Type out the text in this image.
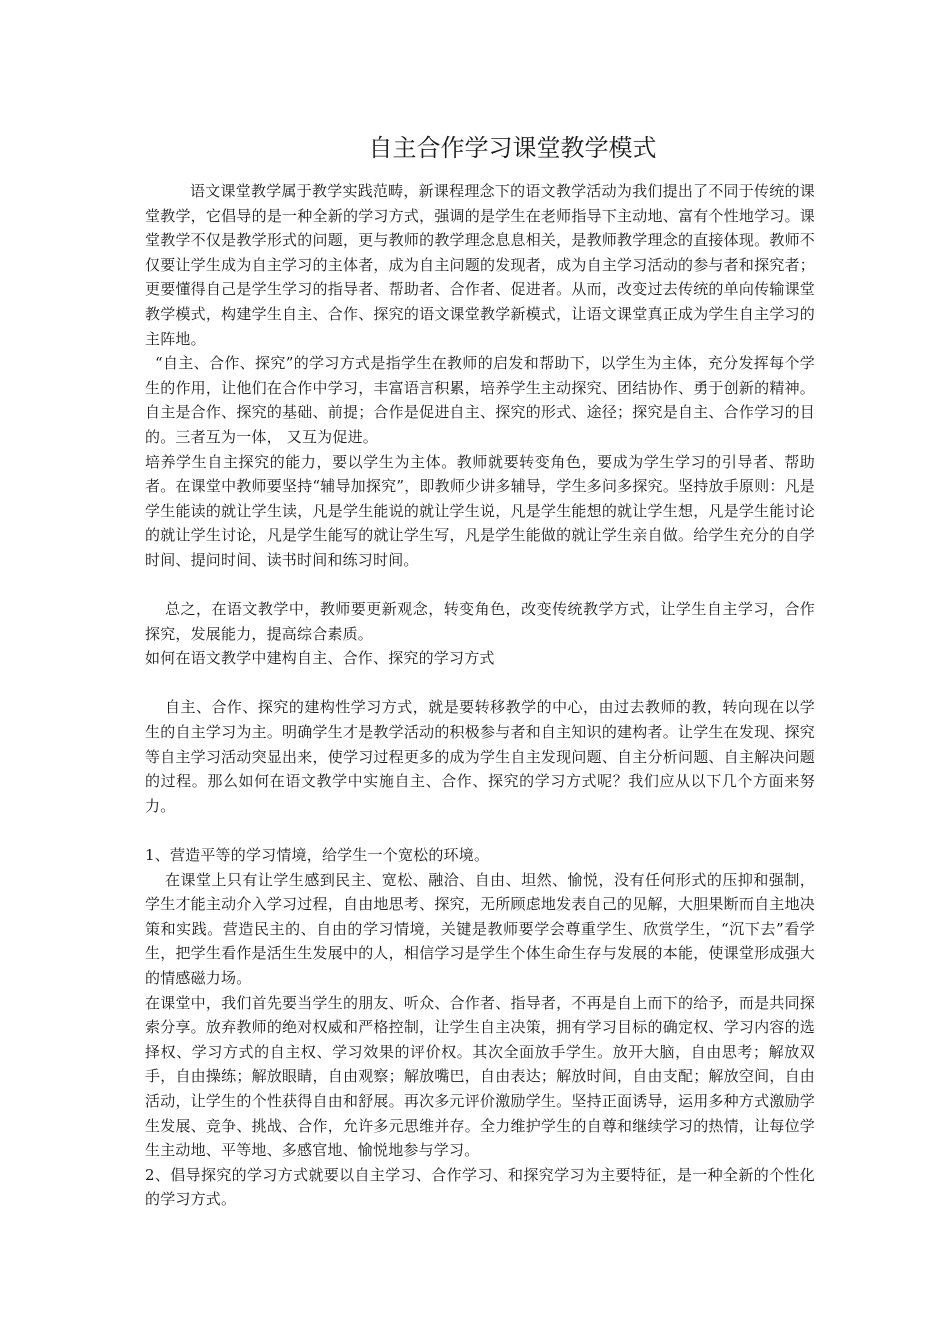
自主合作学习课堂教学模式

语文课堂教学属于教学实践范畴，新课程理念下的语文教学活动为我们提出了不同于传统的课堂教学，它倡导的是一种全新的学习方式，强调的是学生在老师指导下主动地、富有个性地学习。课堂教学不仅是教学形式的问题，更与教师的教学理念息息相关，是教师教学理念的直接体现。教师不仅要让学生成为自主学习的主体者，成为自主问题的发现者，成为自主学习活动的参与者和探究者；更要懂得自己是学生学习的指导者、帮助者、合作者、促进者。从而，改变过去传统的单向传输课堂教学模式，构建学生自主、合作、探究的语文课堂教学新模式，让语文课堂真正成为学生自主学习的主阵地。

“自主、合作、探究”的学习方式是指学生在教师的启发和帮助下，以学生为主体，充分发挥每个学生的作用，让他们在合作中学习，丰富语言积累，培养学生主动探究、团结协作、勇于创新的精神。自主是合作、探究的基础、前提；合作是促进自主、探究的形式、途径；探究是自主、合作学习的目的。三者互为一体， 又互为促进。

培养学生自主探究的能力，要以学生为主体。教师就要转变角色，要成为学生学习的引导者、帮助者。在课堂中教师要坚持“辅导加探究”，即教师少讲多辅导，学生多问多探究。坚持放手原则：凡是学生能读的就让学生读，凡是学生能说的就让学生说，凡是学生能想的就让学生想，凡是学生能讨论的就让学生讨论，凡是学生能写的就让学生写，凡是学生能做的就让学生亲自做。给学生充分的自学时间、提问时间、读书时间和练习时间。

总之，在语文教学中，教师要更新观念，转变角色，改变传统教学方式，让学生自主学习，合作探究，发展能力，提高综合素质。

如何在语文教学中建构自主、合作、探究的学习方式

自主、合作、探究的建构性学习方式，就是要转移教学的中心，由过去教师的教，转向现在以学生的自主学习为主。明确学生才是教学活动的积极参与者和自主知识的建构者。让学生在发现、探究等自主学习活动突显出来，使学习过程更多的成为学生自主发现问题、自主分析问题、自主解决问题的过程。那么如何在语文教学中实施自主、合作、探究的学习方式呢？我们应从以下几个方面来努力。

1、营造平等的学习情境，给学生一个宽松的环境。

在课堂上只有让学生感到民主、宽松、融洽、自由、坦然、愉悦，没有任何形式的压抑和强制，学生才能主动介入学习过程，自由地思考、探究，无所顾虑地发表自己的见解，大胆果断而自主地决策和实践。营造民主的、自由的学习情境，关键是教师要学会尊重学生、欣赏学生，“沉下去”看学生，把学生看作是活生生发展中的人，相信学习是学生个体生命生存与发展的本能，使课堂形成强大的情感磁力场。

在课堂中，我们首先要当学生的朋友、听众、合作者、指导者，不再是自上而下的给予，而是共同探索分享。放弃教师的绝对权威和严格控制，让学生自主决策，拥有学习目标的确定权、学习内容的选择权、学习方式的自主权、学习效果的评价权。其次全面放手学生。放开大脑，自由思考；解放双手，自由操练；解放眼睛，自由观察；解放嘴巴，自由表达；解放时间，自由支配；解放空间，自由活动，让学生的个性获得自由和舒展。再次多元评价激励学生。坚持正面诱导，运用多种方式激励学生发展、竞争、挑战、合作，允许多元思维并存。全力维护学生的自尊和继续学习的热情，让每位学生主动地、平等地、多感官地、愉悦地参与学习。

2、倡导探究的学习方式就要以自主学习、合作学习、和探究学习为主要特征，是一种全新的个性化的学习方式。
